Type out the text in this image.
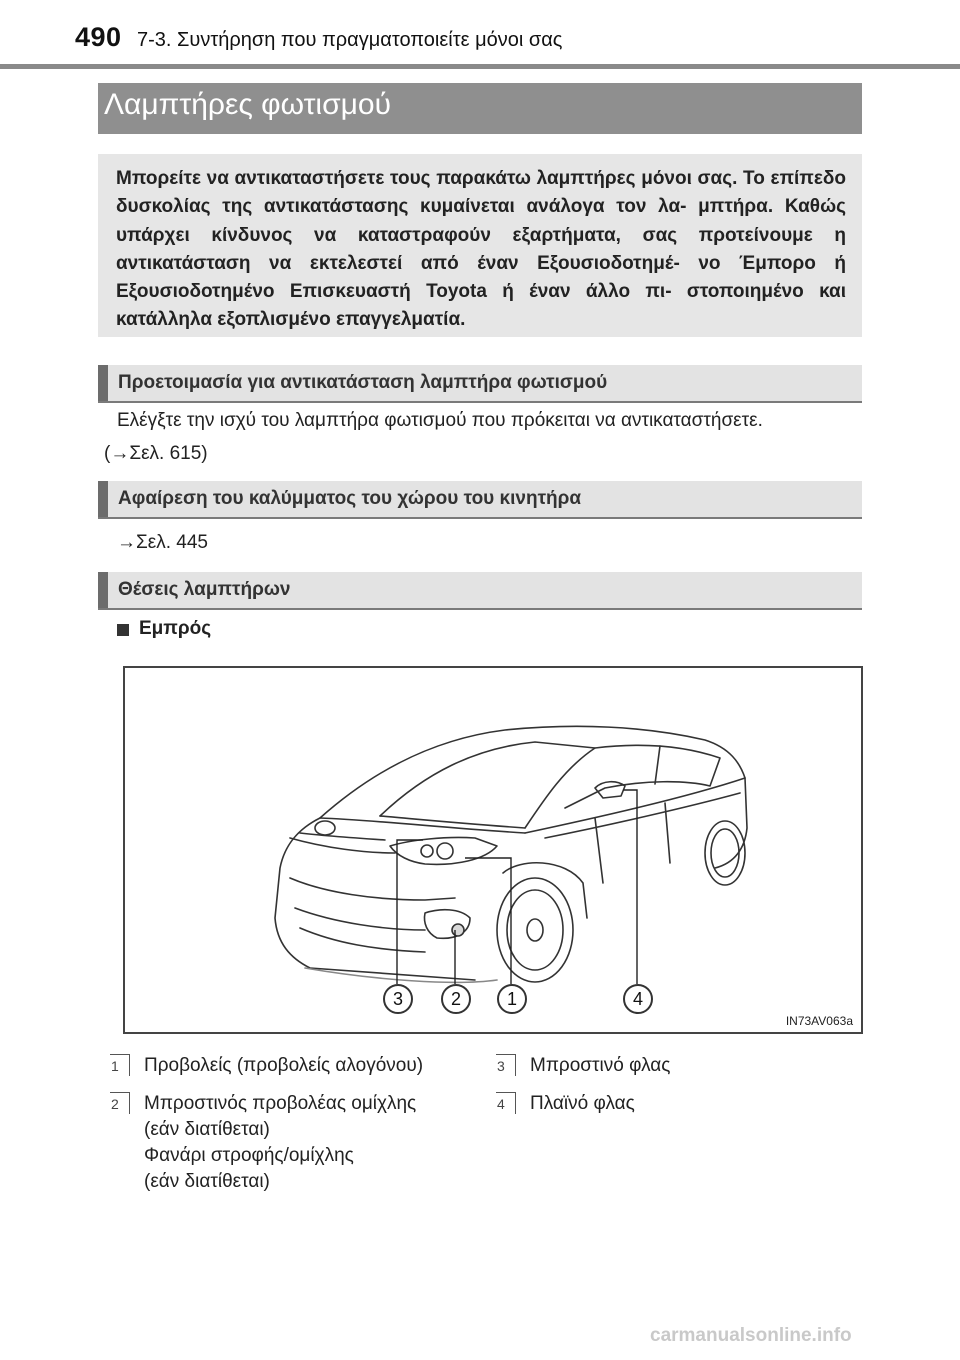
490 7-3. Συντήρηση που πραγματοποιείτε μόνοι σας
Λαμπτήρες φωτισμού
Μπορείτε να αντικαταστήσετε τους παρακάτω λαμπτήρες μόνοι σας. Το επίπεδο δυσκολίας της αντικατάστασης κυμαίνεται ανάλογα τον λα- μπτήρα. Καθώς υπάρχει κίνδυνος να καταστραφούν εξαρτήματα, σας προτείνουμε η αντικατάσταση να εκτελεστεί από έναν Εξουσιοδοτημέ- νο Έμπορο ή Εξουσιοδοτημένο Επισκευαστή Toyota ή έναν άλλο πι- στοποιημένο και κατάλληλα εξοπλισμένο επαγγελματία.
Προετοιμασία για αντικατάσταση λαμπτήρα φωτισμού
Ελέγξτε την ισχύ του λαμπτήρα φωτισμού που πρόκειται να αντικαταστήσετε.
(→Σελ. 615)
Αφαίρεση του καλύμματος του χώρου του κινητήρα
→Σελ. 445
Θέσεις λαμπτήρων
Εμπρός
3	2	1	4
IN73AV063a
1	Προβολείς (προβολείς αλογόνου)
2	Μπροστινός προβολέας ομίχλης
(εάν διατίθεται)
Φανάρι στροφής/ομίχλης
(εάν διατίθεται)
3	Μπροστινό φλας
4	Πλαϊνό φλας
carmanualsonline.info
